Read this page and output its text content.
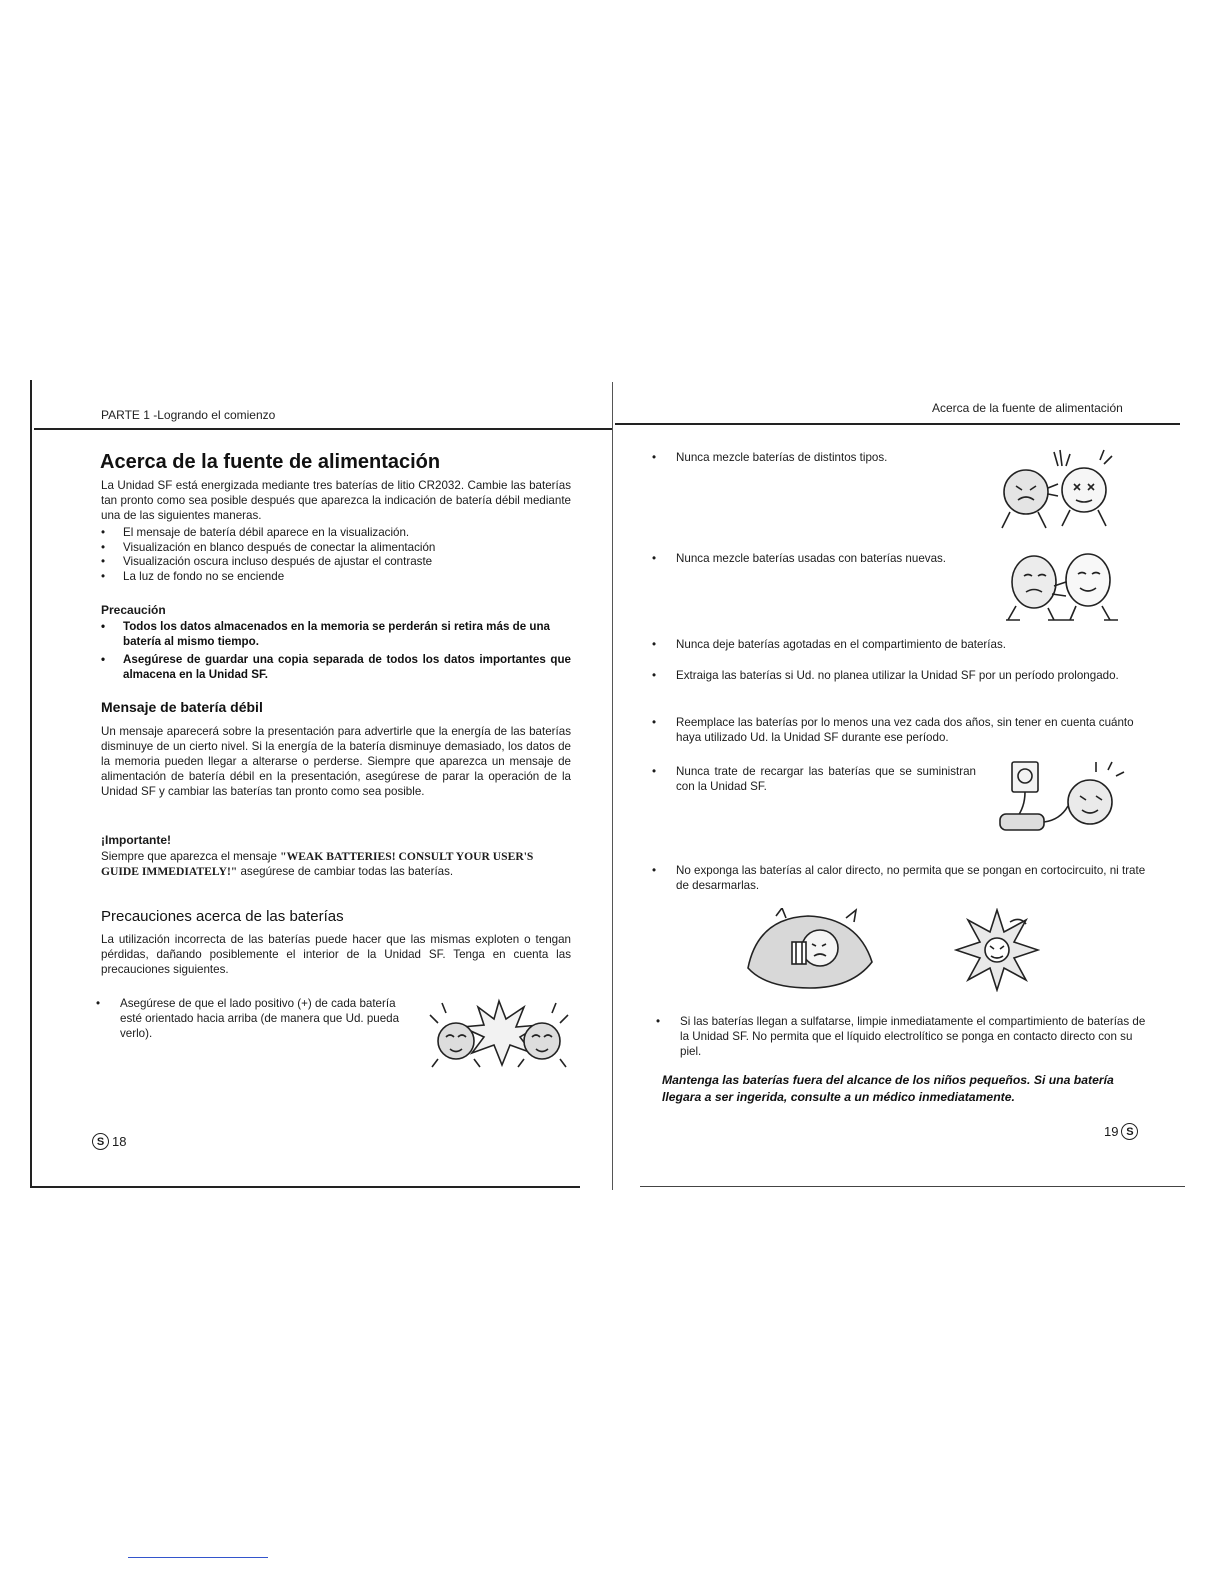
PARTE 1 -Logrando el comienzo
Acerca de la fuente de alimentación

La Unidad SF está energizada mediante tres baterías de litio CR2032. Cambie las baterías tan pronto como sea posible después que aparezca la indicación de batería débil mediante una de las siguientes maneras.

• El mensaje de batería débil aparece en la visualización.
• Visualización en blanco después de conectar la alimentación
• Visualización oscura incluso después de ajustar el contraste
• La luz de fondo no se enciende
Precaución
• Todos los datos almacenados en la memoria se perderán si retira más de una batería al mismo tiempo.
• Asegúrese de guardar una copia separada de todos los datos importantes que almacena en la Unidad SF.
Mensaje de batería débil

Un mensaje aparecerá sobre la presentación para advertirle que la energía de las baterías disminuye de un cierto nivel. Si la energía de la batería disminuye demasiado, los datos de la memoria pueden llegar a alterarse o perderse. Siempre que aparezca un mensaje de alimentación de batería débil en la presentación, asegúrese de parar la operación de la Unidad SF y cambiar las baterías tan pronto como sea posible.

¡Importante!

Siempre que aparezca el mensaje "WEAK BATTERIES! CONSULT YOUR USER'S GUIDE IMMEDIATELY!" asegúrese de cambiar todas las baterías.

Precauciones acerca de las baterías

La utilización incorrecta de las baterías puede hacer que las mismas exploten o tengan pérdidas, dañando posiblemente el interior de la Unidad SF. Tenga en cuenta las precauciones siguientes.

• Asegúrese de que el lado positivo (+) de cada batería esté orientado hacia arriba (de manera que Ud. pueda verlo).
S 18
Acerca de la fuente de alimentación
• Nunca mezcle baterías de distintos tipos.
• Nunca mezcle baterías usadas con baterías nuevas.
• Nunca deje baterías agotadas en el compartimiento de baterías.
• Extraiga las baterías si Ud. no planea utilizar la Unidad SF por un período prolongado.
• Reemplace las baterías por lo menos una vez cada dos años, sin tener en cuenta cuánto haya utilizado Ud. la Unidad SF durante ese período.
• Nunca trate de recargar las baterías que se suministran con la Unidad SF.
• No exponga las baterías al calor directo, no permita que se pongan en cortocircuito, ni trate de desarmarlas.
• Si las baterías llegan a sulfatarse, limpie inmediatamente el compartimiento de baterías de la Unidad SF. No permita que el líquido electrolítico se ponga en contacto directo con su piel.
Mantenga las baterías fuera del alcance de los niños pequeños. Si una batería llegara a ser ingerida, consulte a un médico inmediatamente.
19 S
